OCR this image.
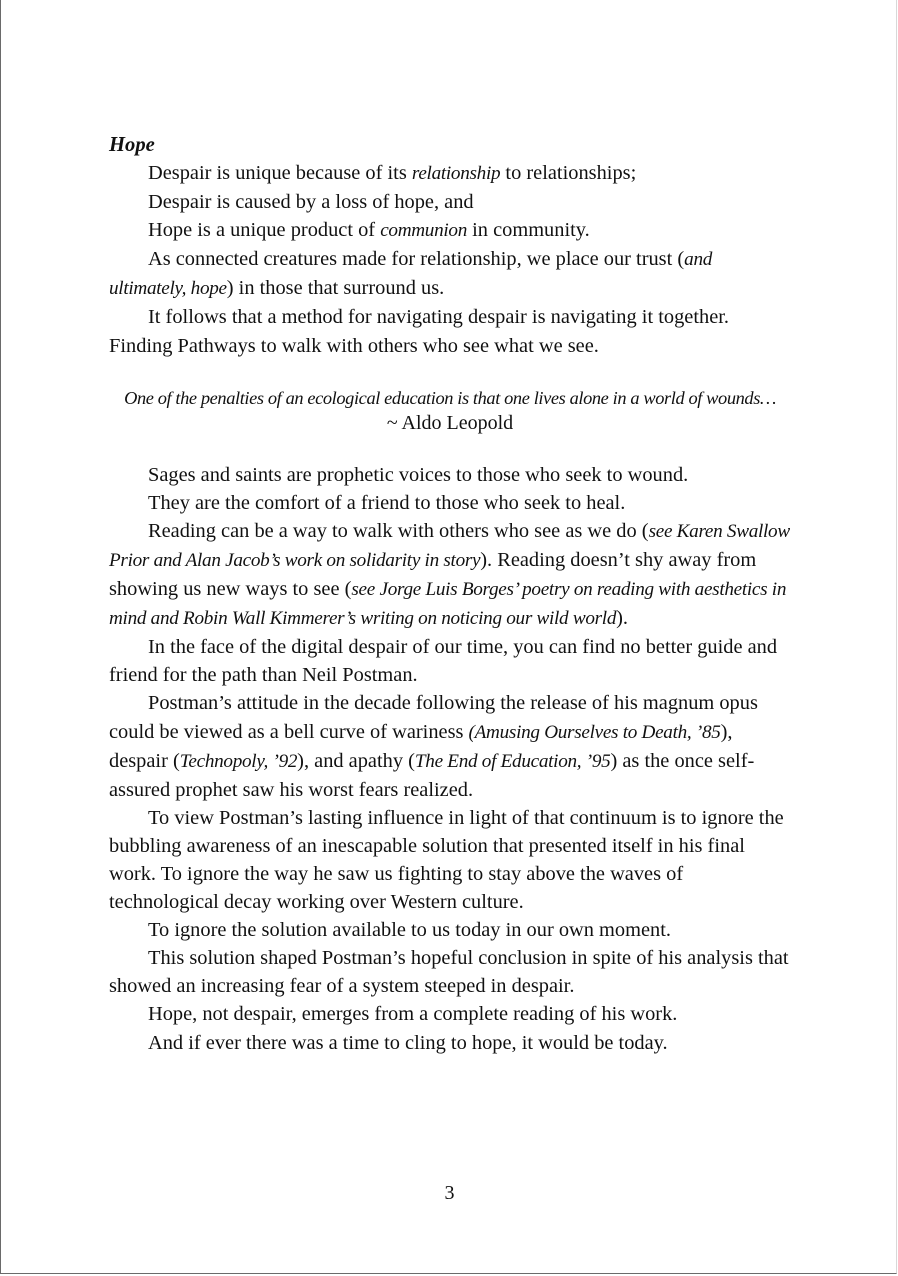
Hope

Despair is unique because of its relationship to relationships;

Despair is caused by a loss of hope, and

Hope is a unique product of communion in community.

As connected creatures made for relationship, we place our trust (and ultimately, hope) in those that surround us.

It follows that a method for navigating despair is navigating it together. Finding Pathways to walk with others who see what we see.

One of the penalties of an ecological education is that one lives alone in a world of wounds…
~ Aldo Leopold

Sages and saints are prophetic voices to those who seek to wound.

They are the comfort of a friend to those who seek to heal.

Reading can be a way to walk with others who see as we do (see Karen Swallow Prior and Alan Jacob’s work on solidarity in story). Reading doesn’t shy away from showing us new ways to see (see Jorge Luis Borges’ poetry on reading with aesthetics in mind and Robin Wall Kimmerer’s writing on noticing our wild world).

In the face of the digital despair of our time, you can find no better guide and friend for the path than Neil Postman.

Postman’s attitude in the decade following the release of his magnum opus could be viewed as a bell curve of wariness (Amusing Ourselves to Death, ’85), despair (Technopoly, ’92), and apathy (The End of Education, ’95) as the once self-assured prophet saw his worst fears realized.

To view Postman’s lasting influence in light of that continuum is to ignore the bubbling awareness of an inescapable solution that presented itself in his final work. To ignore the way he saw us fighting to stay above the waves of technological decay working over Western culture.

To ignore the solution available to us today in our own moment.

This solution shaped Postman’s hopeful conclusion in spite of his analysis that showed an increasing fear of a system steeped in despair.

Hope, not despair, emerges from a complete reading of his work.

And if ever there was a time to cling to hope, it would be today.

3
